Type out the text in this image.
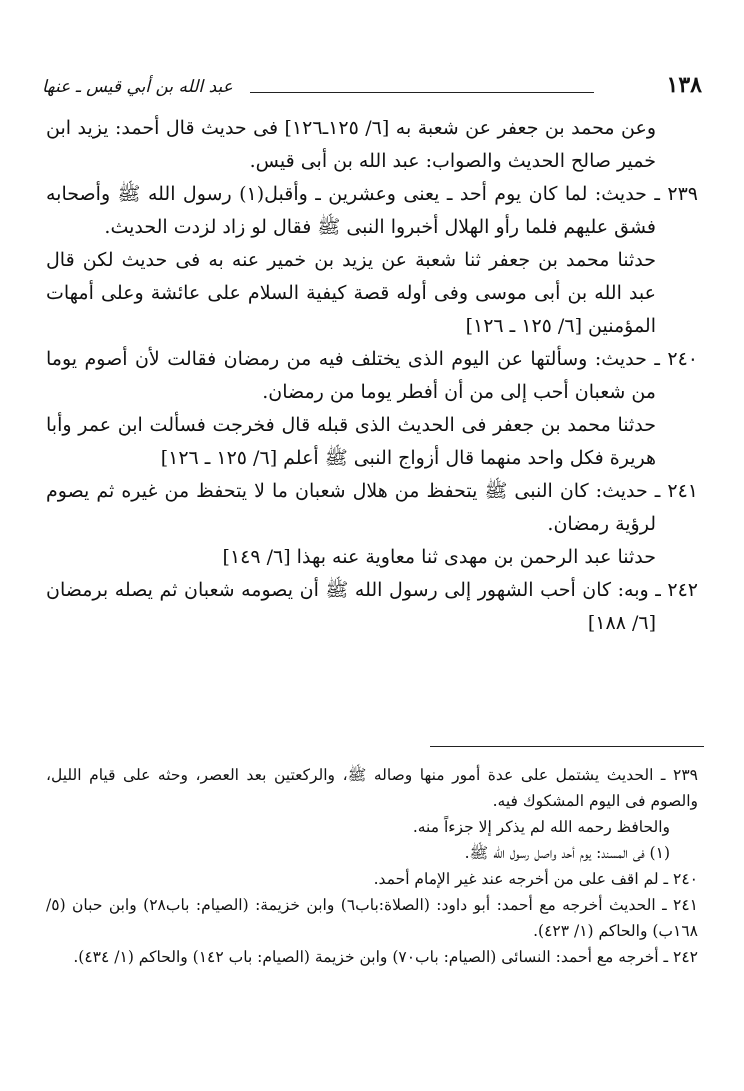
١٣٨
عبد الله بن أبي قيس ـ عنها

وعن محمد بن جعفر عن شعبة به [٦/ ١٢٥ـ١٢٦] فى حديث قال أحمد: يزيد ابن خمير صالح الحديث والصواب: عبد الله بن أبى قيس.

٢٣٩ ـ حديث: لما كان يوم أحد ـ يعنى وعشرين ـ وأقبل(١) رسول الله ﷺ وأصحابه فشق عليهم فلما رأو الهلال أخبروا النبى ﷺ فقال لو زاد لزدت الحديث.

حدثنا محمد بن جعفر ثنا شعبة عن يزيد بن خمير عنه به فى حديث لكن قال عبد الله بن أبى موسى وفى أوله قصة كيفية السلام على عائشة وعلى أمهات المؤمنين [٦/ ١٢٥ ـ ١٢٦]

٢٤٠ ـ حديث: وسألتها عن اليوم الذى يختلف فيه من رمضان فقالت لأن أصوم يوما من شعبان أحب إلى من أن أفطر يوما من رمضان.

حدثنا محمد بن جعفر فى الحديث الذى قبله قال فخرجت فسألت ابن عمر وأبا هريرة فكل واحد منهما قال أزواج النبى ﷺ أعلم [٦/ ١٢٥ ـ ١٢٦]

٢٤١ ـ حديث: كان النبى ﷺ يتحفظ من هلال شعبان ما لا يتحفظ من غيره ثم يصوم لرؤية رمضان.

حدثنا عبد الرحمن بن مهدى ثنا معاوية عنه بهذا [٦/ ١٤٩]

٢٤٢ ـ وبه: كان أحب الشهور إلى رسول الله ﷺ أن يصومه شعبان ثم يصله برمضان [٦/ ١٨٨]

٢٣٩ ـ الحديث يشتمل على عدة أمور منها وصاله ﷺ، والركعتين بعد العصر، وحثه على قيام الليل، والصوم فى اليوم المشكوك فيه.

والحافظ رحمه الله لم يذكر إلا جزءاً منه.

(١) فى المسند: يوم أحد واصل رسول الله ﷺ.

٢٤٠ ـ لم اقف على من أخرجه عند غير الإمام أحمد.

٢٤١ ـ الحديث أخرجه مع أحمد: أبو داود: (الصلاة:باب٦) وابن خزيمة: (الصيام: باب٢٨) وابن حبان (٥/ ١٦٨ب) والحاكم (١/ ٤٢٣).

٢٤٢ ـ أخرجه مع أحمد: النسائى (الصيام: باب٧٠) وابن خزيمة (الصيام: باب ١٤٢) والحاكم (١/ ٤٣٤).
